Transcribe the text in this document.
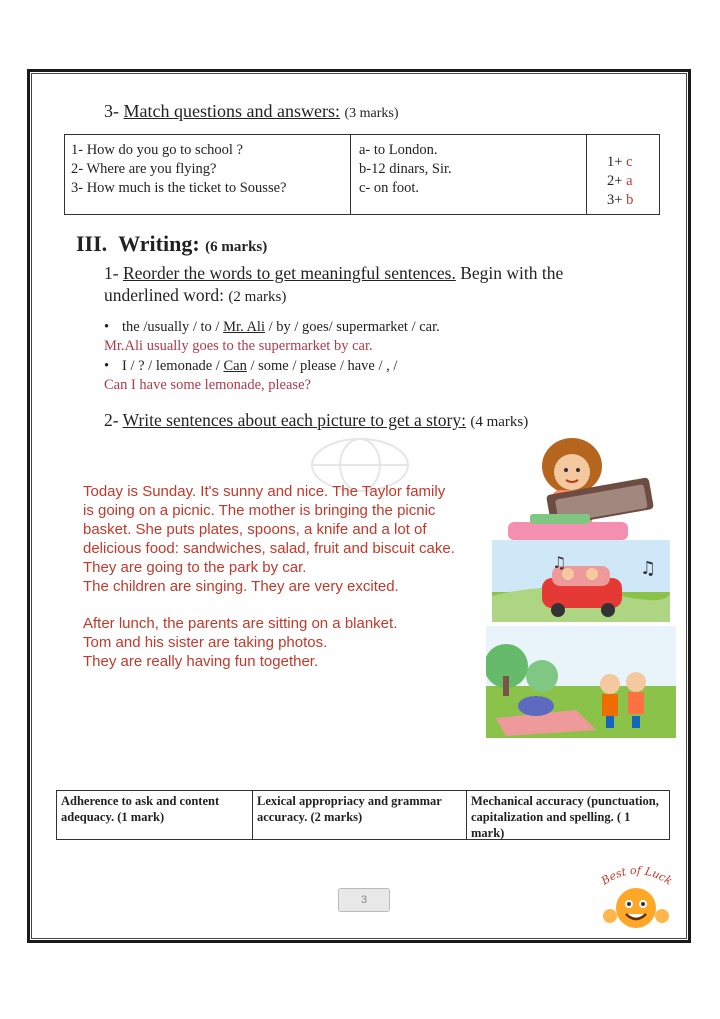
3- Match questions and answers: (3 marks)
1- How do you go to school ?
2- Where are you flying?
3- How much is the ticket to Sousse?
a- to London.
b-12 dinars, Sir.
c- on foot.
1+ c
2+ a
3+ b
III. Writing: (6 marks)
1- Reorder the words to get meaningful sentences. Begin with the underlined word: (2 marks)
• the /usually / to / Mr. Ali / by / goes/ supermarket / car.
Mr.Ali usually goes to the supermarket by car.
• I / ? / lemonade / Can / some / please / have / , /
Can I have some lemonade, please?
2- Write sentences about each picture to get a story: (4 marks)

Today is Sunday. It's sunny and nice. The Taylor family

is going on a picnic. The mother is bringing the picnic

basket. She puts plates, spoons, a knife and a lot of

delicious food: sandwiches, salad, fruit and biscuit cake.

They are going to the park by car.

The children are singing. They are very excited.

After lunch, the parents are sitting on a blanket.

Tom and his sister are taking photos.

They are really having fun together.

♫	♫
Adherence to ask and content adequacy. (1 mark)
Lexical appropriacy and grammar accuracy. (2 marks)
Mechanical accuracy (punctuation, capitalization and spelling. ( 1 mark)
3
Best of Luck
